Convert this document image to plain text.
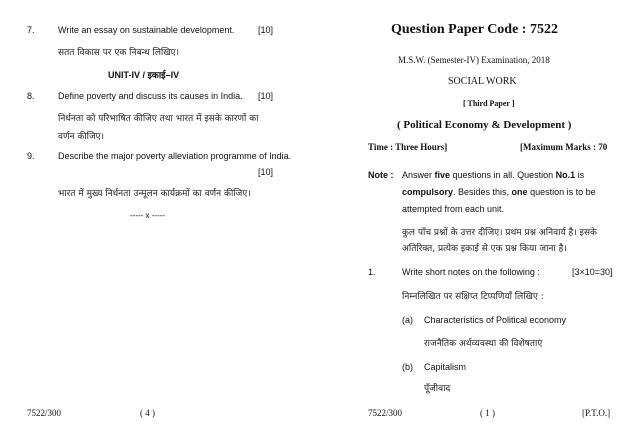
7.	Write an essay on sustainable development.	[10]
सतत विकास पर एक निबन्ध लिखिए।
UNIT-IV / इकाई–IV
8.	Define poverty and discuss its causes in India. [10]
निर्धनता को परिभाषित कीजिए तथा भारत में इसके कारणों का
वर्णन कीजिए।
9.	Describe the major poverty alleviation programme of India.
[10]
भारत में मुख्य निर्धनता उन्मूलन कार्यक्रमों का वर्णन कीजिए।
----- x -----
7522/300	( 4 )
Question Paper Code : 7522
M.S.W. (Semester-IV) Examination, 2018
SOCIAL WORK
[ Third Paper ]
( Political Economy & Development )
Time : Three Hours]	[Maximum Marks : 70
Note : Answer five questions in all. Question No.1 is
compulsory. Besides this, one question is to be
attempted from each unit.
कुल पाँच प्रश्नों के उत्तर दीजिए। प्रथम प्रश्न अनिवार्य है। इसके
अतिरिक्त, प्रत्येक इकाई से एक प्रश्न किया जाना है।
1.	Write short notes on the following :	[3×10=30]
निम्नलिखित पर संक्षिप्त टिप्पणियाँ लिखिए :
(a) Characteristics of Political economy
राजनैतिक अर्थव्यवस्था की विशेषताएं
(b) Capitalism
पूँजीवाद
7522/300	( 1 )	[P.T.O.]
